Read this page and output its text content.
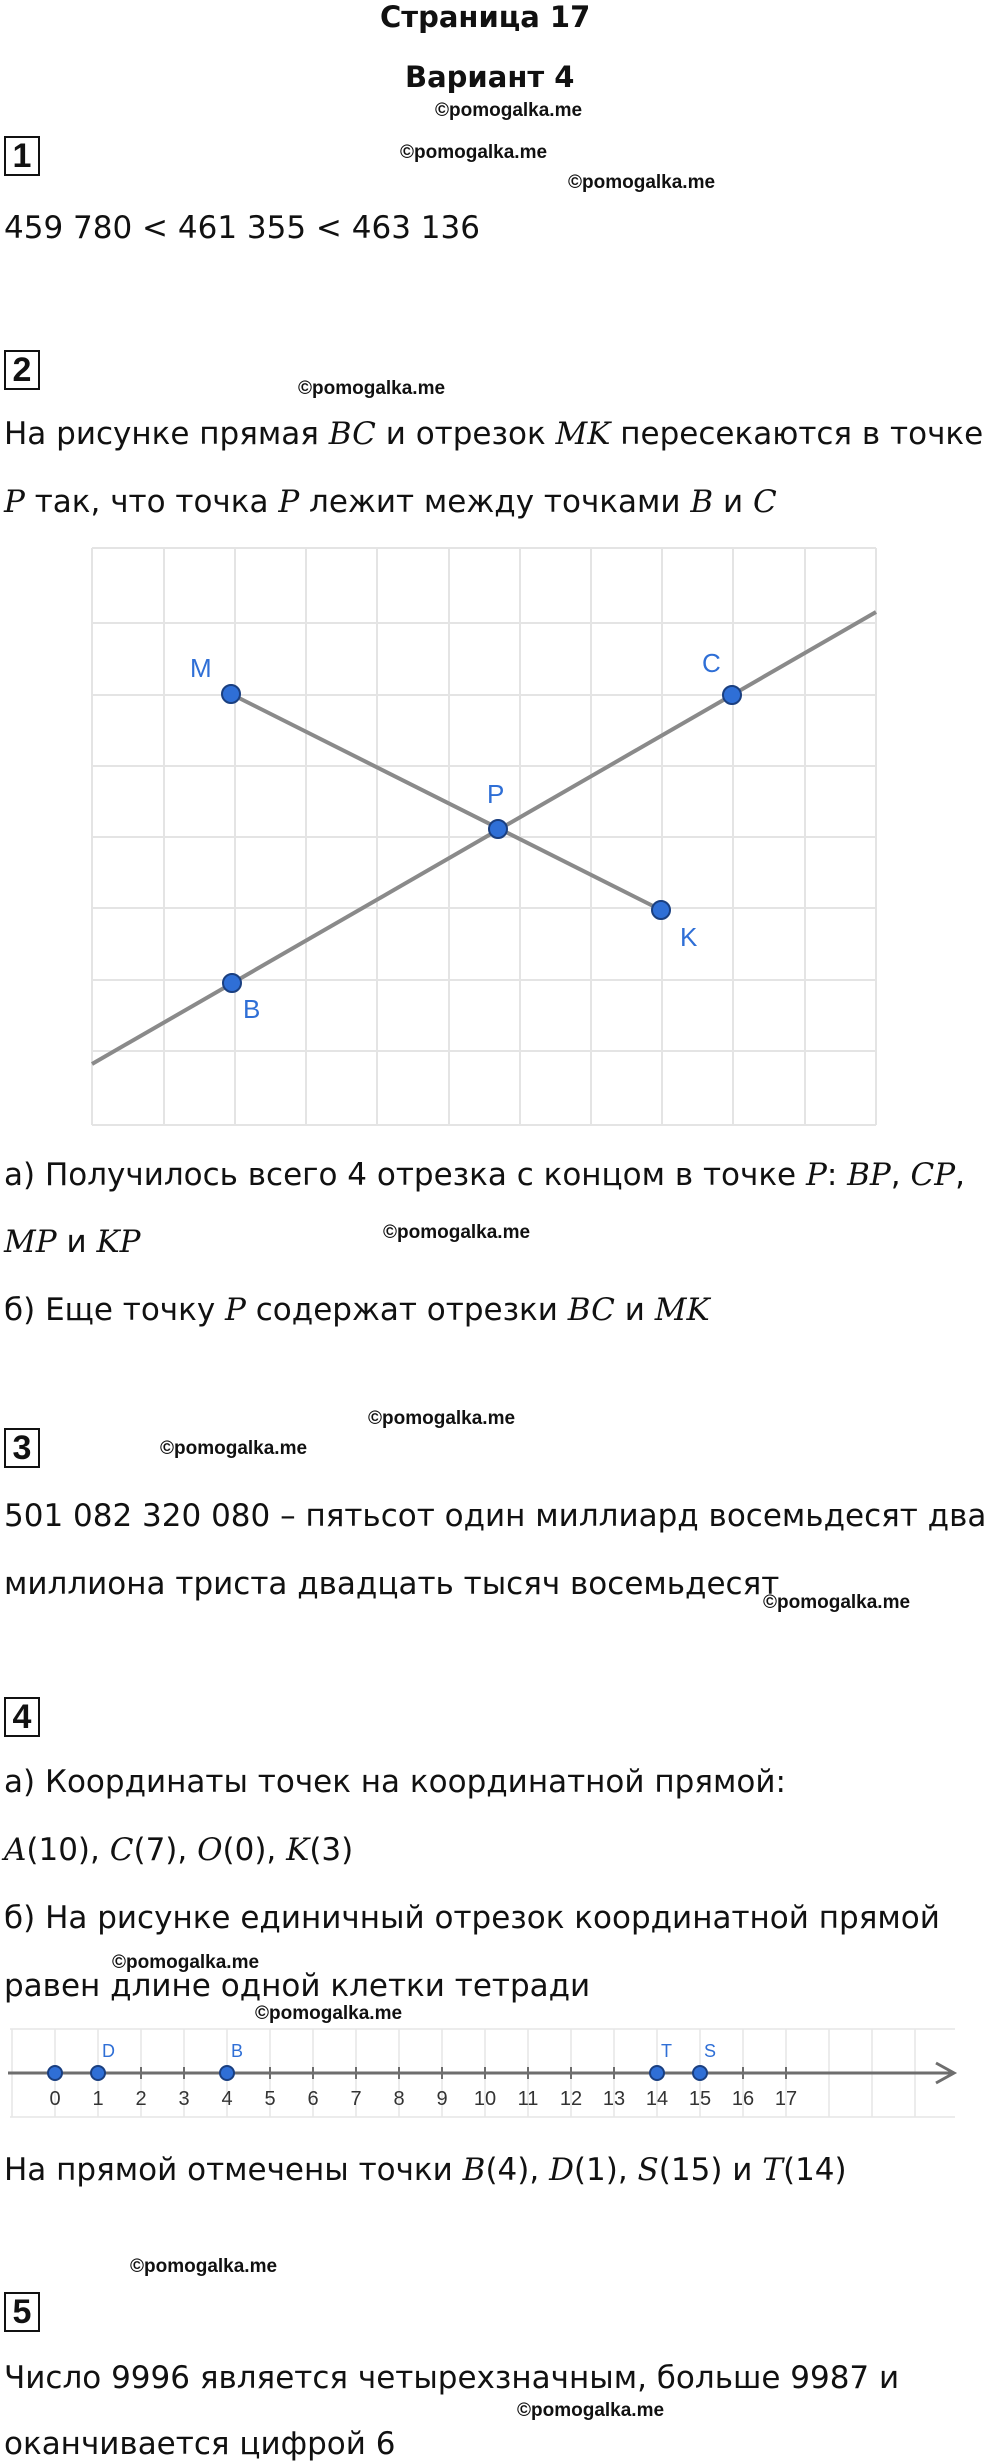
Страница 17
Вариант 4
©pomogalka.me
1	©pomogalka.me
©pomogalka.me
459 780 < 461 355 < 463 136
2	©pomogalka.me
На рисунке прямая BC и отрезок MK пересекаются в точке
P так, что точка P лежит между точками B и C
M	C
P
K
B
а) Получилось всего 4 отрезка с концом в точке P: BP, CP,
MP и KP	©pomogalka.me
б) Еще точку P содержат отрезки BC и MK
©pomogalka.me
3	©pomogalka.me
501 082 320 080 – пятьсот один миллиард восемьдесят два
миллиона триста двадцать тысяч восемьдесят
©pomogalka.me
4
а) Координаты точек на координатной прямой:
A(10), C(7), O(0), K(3)
б) На рисунке единичный отрезок координатной прямой
©pomogalka.me
равен длине одной клетки тетради
©pomogalka.me
0 1 2 3 4 5 6 7 8 9 10 11 12 13 14 15 16 17
D	B	T S
На прямой отмечены точки B(4), D(1), S(15) и T(14)
©pomogalka.me
5
Число 9996 является четырехзначным, больше 9987 и
©pomogalka.me
оканчивается цифрой 6
